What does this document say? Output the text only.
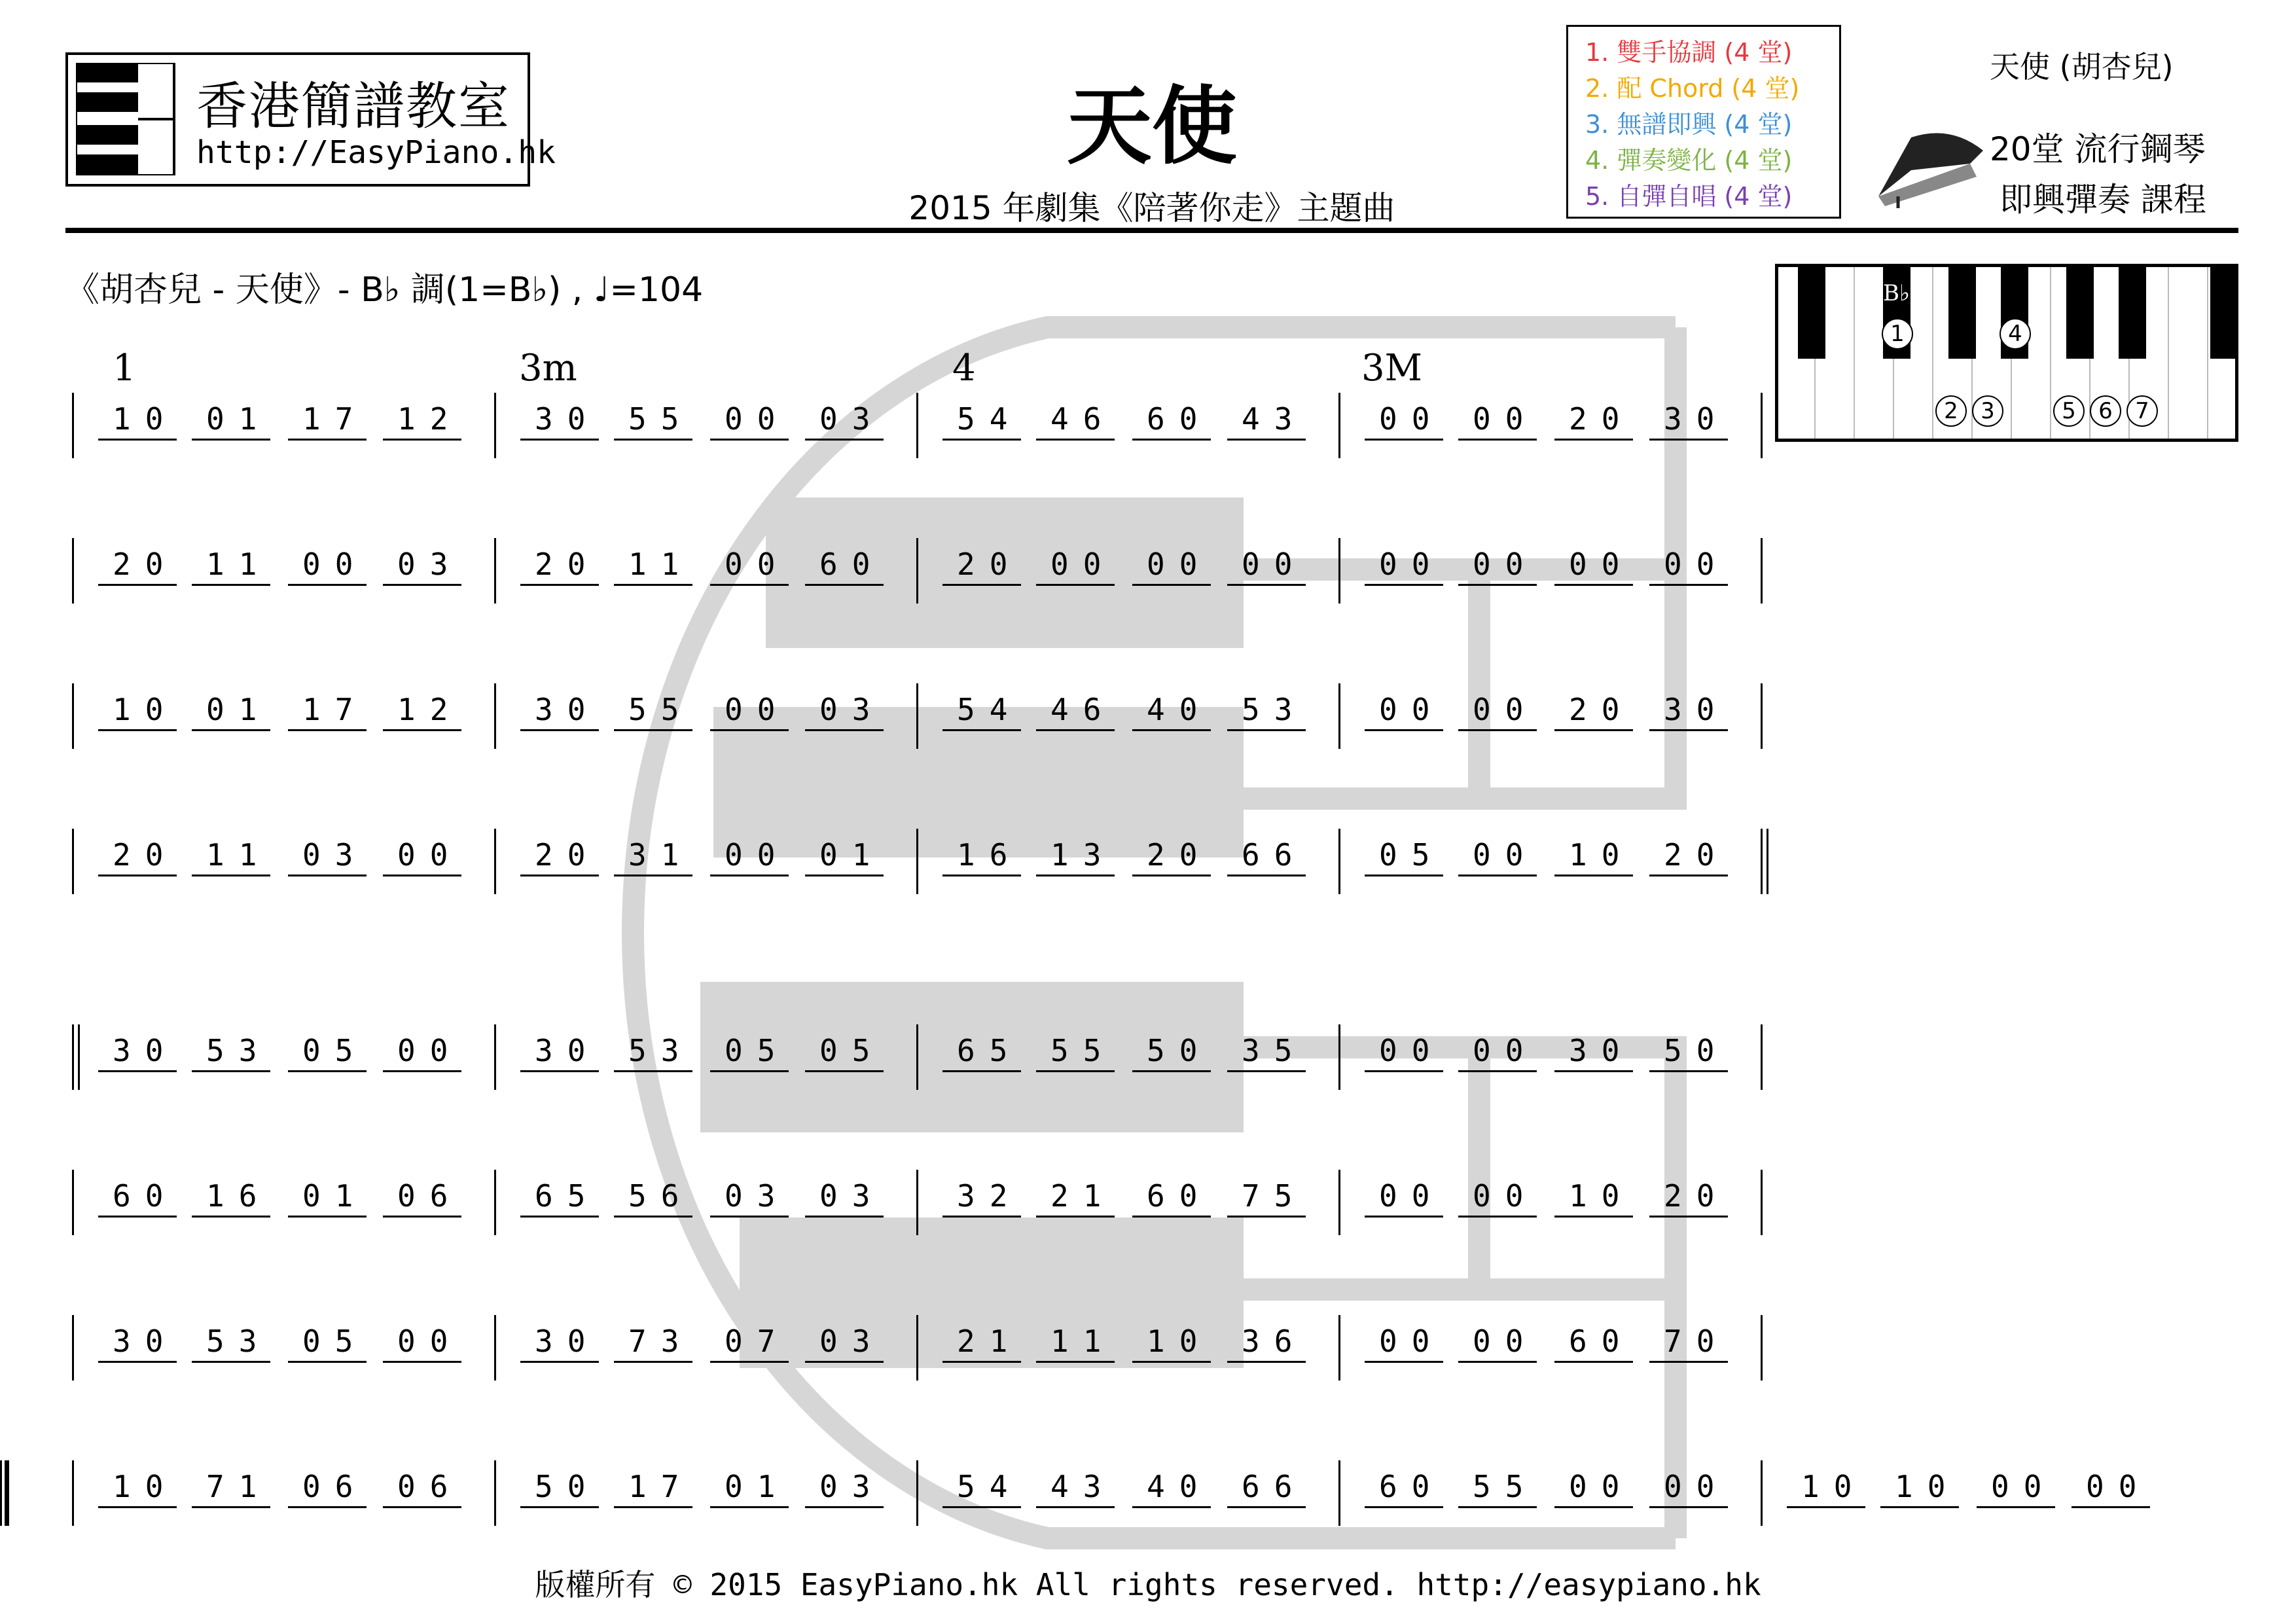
香港簡譜教室
http://EasyPiano.hk	天使
2015 年劇集《陪著你走》主題曲
1. 雙手協調 (4 堂)
2. 配 Chord (4 堂)
3. 無譜即興 (4 堂)
4. 彈奏變化 (4 堂)
5. 自彈自唱 (4 堂)
天使 (胡杏兒)
20堂 流行鋼琴
即興彈奏 課程
《胡杏兒 - 天使》- B♭ 調(1=B♭) , ♩=104
1	3m	4	3M
B♭
1	4
2	3	5	6	7
10 01	17 12	30 55	00 03	54 46	60 43	00 00	20 30
20 11	00 03	20 11	00 60	20 00	00 00	00 00	00 00
10 01	17 12	30 55	00 03	54 46	40 53	00 00	20 30
20 11	03 00	20 31	00 01	16 13	20 66	05 00	10 20
30 53	05 00	30 53	05 05	65 55	50 35	00 00	30 50
60 16	01 06	65 56	03 03	32 21	60 75	00 00	10 20
30 53	05 00	30 73	07 03	21 11	10 36	00 00	60 70
10 71	06 06	50 17	01 03	54 43	40 66	60 55	00 00	10 10	00 00
版權所有 © 2015 EasyPiano.hk All rights reserved. http://easypiano.hk
